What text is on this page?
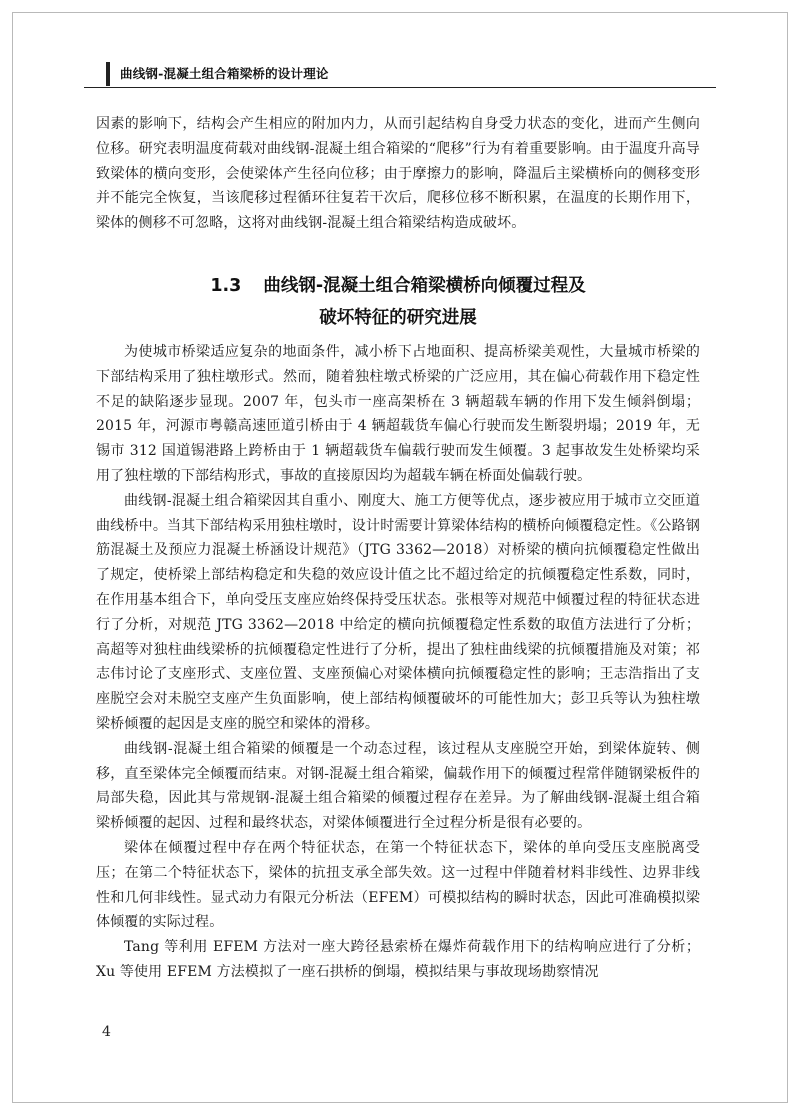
曲线钢-混凝土组合箱梁桥的设计理论

因素的影响下，结构会产生相应的附加内力，从而引起结构自身受力状态的变化，进而产生侧向位移。研究表明温度荷载对曲线钢-混凝土组合箱梁的“爬移”行为有着重要影响。由于温度升高导致梁体的横向变形，会使梁体产生径向位移；由于摩擦力的影响，降温后主梁横桥向的侧移变形并不能完全恢复，当该爬移过程循环往复若干次后，爬移位移不断积累，在温度的长期作用下，梁体的侧移不可忽略，这将对曲线钢-混凝土组合箱梁结构造成破坏。

1.3 曲线钢-混凝土组合箱梁横桥向倾覆过程及
破坏特征的研究进展

为使城市桥梁适应复杂的地面条件，减小桥下占地面积、提高桥梁美观性，大量城市桥梁的下部结构采用了独柱墩形式。然而，随着独柱墩式桥梁的广泛应用，其在偏心荷载作用下稳定性不足的缺陷逐步显现。2007 年，包头市一座高架桥在 3 辆超载车辆的作用下发生倾斜倒塌；2015 年，河源市粤赣高速匝道引桥由于 4 辆超载货车偏心行驶而发生断裂坍塌；2019 年，无锡市 312 国道锡港路上跨桥由于 1 辆超载货车偏载行驶而发生倾覆。3 起事故发生处桥梁均采用了独柱墩的下部结构形式，事故的直接原因均为超载车辆在桥面处偏载行驶。

曲线钢-混凝土组合箱梁因其自重小、刚度大、施工方便等优点，逐步被应用于城市立交匝道曲线桥中。当其下部结构采用独柱墩时，设计时需要计算梁体结构的横桥向倾覆稳定性。《公路钢筋混凝土及预应力混凝土桥涵设计规范》（JTG 3362—2018）对桥梁的横向抗倾覆稳定性做出了规定，使桥梁上部结构稳定和失稳的效应设计值之比不超过给定的抗倾覆稳定性系数，同时，在作用基本组合下，单向受压支座应始终保持受压状态。张根等对规范中倾覆过程的特征状态进行了分析，对规范 JTG 3362—2018 中给定的横向抗倾覆稳定性系数的取值方法进行了分析；高超等对独柱曲线梁桥的抗倾覆稳定性进行了分析，提出了独柱曲线梁的抗倾覆措施及对策；祁志伟讨论了支座形式、支座位置、支座预偏心对梁体横向抗倾覆稳定性的影响；王志浩指出了支座脱空会对未脱空支座产生负面影响，使上部结构倾覆破坏的可能性加大；彭卫兵等认为独柱墩梁桥倾覆的起因是支座的脱空和梁体的滑移。

曲线钢-混凝土组合箱梁的倾覆是一个动态过程，该过程从支座脱空开始，到梁体旋转、侧移，直至梁体完全倾覆而结束。对钢-混凝土组合箱梁，偏载作用下的倾覆过程常伴随钢梁板件的局部失稳，因此其与常规钢-混凝土组合箱梁的倾覆过程存在差异。为了解曲线钢-混凝土组合箱梁桥倾覆的起因、过程和最终状态，对梁体倾覆进行全过程分析是很有必要的。

梁体在倾覆过程中存在两个特征状态，在第一个特征状态下，梁体的单向受压支座脱离受压；在第二个特征状态下，梁体的抗扭支承全部失效。这一过程中伴随着材料非线性、边界非线性和几何非线性。显式动力有限元分析法（EFEM）可模拟结构的瞬时状态，因此可准确模拟梁体倾覆的实际过程。

Tang 等利用 EFEM 方法对一座大跨径悬索桥在爆炸荷载作用下的结构响应进行了分析；Xu 等使用 EFEM 方法模拟了一座石拱桥的倒塌，模拟结果与事故现场勘察情况

4
